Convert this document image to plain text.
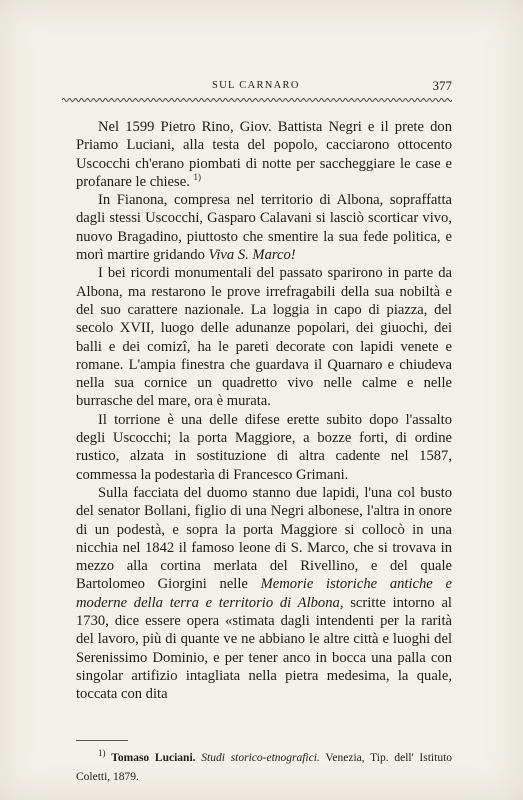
SUL CARNARO	377

Nel 1599 Pietro Rino, Giov. Battista Negri e il prete don Priamo Luciani, alla testa del popolo, cacciarono ottocento Uscocchi ch'erano piombati di notte per saccheggiare le case e profanare le chiese. $^{1)}$

In Fianona, compresa nel territorio di Albona, sopraffatta dagli stessi Uscocchi, Gasparo Calavani si lasciò scorticar vivo, nuovo Bragadino, piuttosto che smentire la sua fede politica, e morì martire gridando Viva S. Marco!

I bei ricordi monumentali del passato sparirono in parte da Albona, ma restarono le prove irrefragabili della sua nobiltà e del suo carattere nazionale. La loggia in capo di piazza, del secolo XVII, luogo delle adunanze popolari, dei giuochi, dei balli e dei comizî, ha le pareti decorate con lapidi venete e romane. L'ampia finestra che guardava il Quarnaro e chiudeva nella sua cornice un quadretto vivo nelle calme e nelle burrasche del mare, ora è murata.

Il torrione è una delle difese erette subito dopo l'assalto degli Uscocchi; la porta Maggiore, a bozze forti, di ordine rustico, alzata in sostituzione di altra cadente nel 1587, commessa la podestarìa di Francesco Grimani.

Sulla facciata del duomo stanno due lapidi, l'una col busto del senator Bollani, figlio di una Negri albonese, l'altra in onore di un podestà, e sopra la porta Maggiore si collocò in una nicchia nel 1842 il famoso leone di S. Marco, che si trovava in mezzo alla cortina merlata del Rivellino, e del quale Bartolomeo Giorgini nelle Memorie istoriche antiche e moderne della terra e territorio di Albona, scritte intorno al 1730, dice essere opera «stimata dagli intendenti per la rarità del lavoro, più di quante ve ne abbiano le altre città e luoghi del Serenissimo Dominio, e per tener anco in bocca una palla con singolar artifizio intagliata nella pietra medesima, la quale, toccata con dita

$^{1)}$ Tomaso Luciani. Studi storico-etnografici. Venezia, Tip. dell' Istituto Coletti, 1879.
